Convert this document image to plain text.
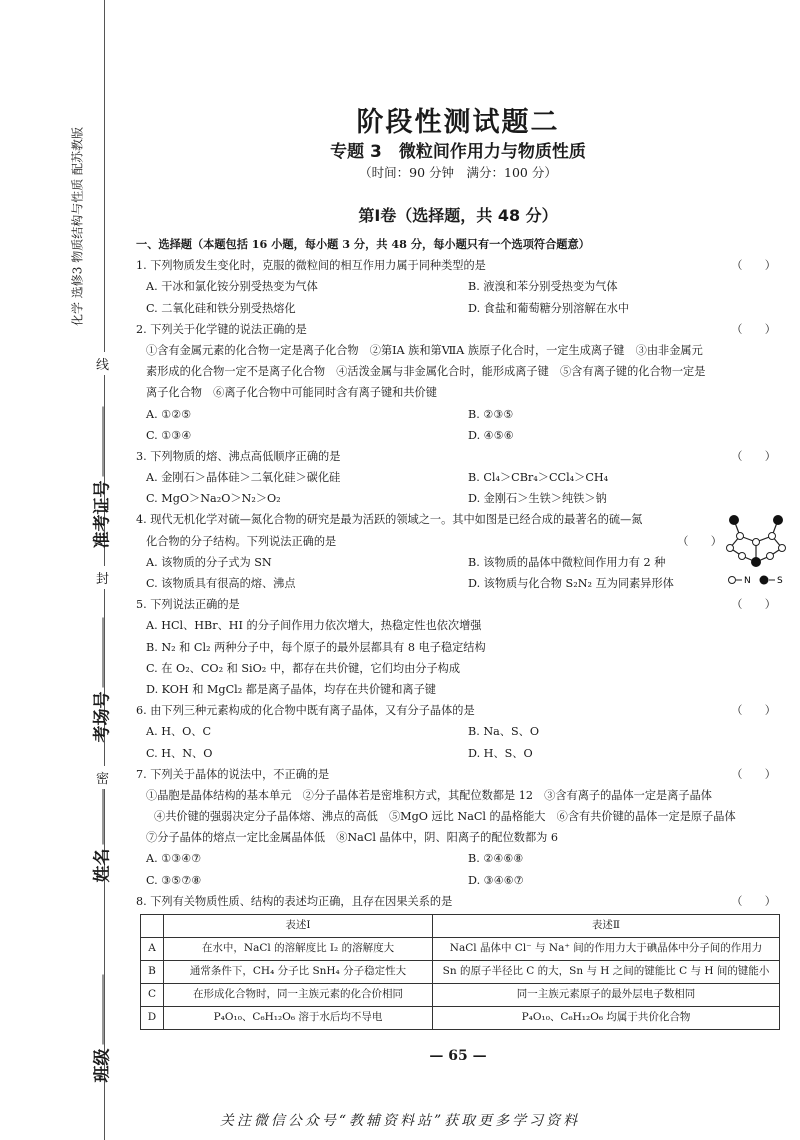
化学 选修3 物质结构与性质 配苏教版
准考证号
考场号
姓名
班级
线
封
密
阶段性测试题二
专题 3　微粒间作用力与物质性质
（时间：90 分钟　满分：100 分）
第Ⅰ卷（选择题，共 48 分）
一、选择题（本题包括 16 小题，每小题 3 分，共 48 分，每小题只有一个选项符合题意）
1. 下列物质发生变化时，克服的微粒间的相互作用力属于同种类型的是	（　　）
A. 干冰和氯化铵分别受热变为气体	B. 液溴和苯分别受热变为气体
C. 二氧化硅和铁分别受热熔化	D. 食盐和葡萄糖分别溶解在水中
2. 下列关于化学键的说法正确的是	（　　）
①含有金属元素的化合物一定是离子化合物　②第ⅠA 族和第ⅦA 族原子化合时，一定生成离子键　③由非金属元
素形成的化合物一定不是离子化合物　④活泼金属与非金属化合时，能形成离子键　⑤含有离子键的化合物一定是
离子化合物　⑥离子化合物中可能同时含有离子键和共价键
A. ①②⑤	B. ②③⑤
C. ①③④	D. ④⑤⑥
3. 下列物质的熔、沸点高低顺序正确的是	（　　）
A. 金刚石＞晶体硅＞二氧化硅＞碳化硅	B. Cl₄＞CBr₄＞CCl₄＞CH₄
C. MgO＞Na₂O＞N₂＞O₂	D. 金刚石＞生铁＞纯铁＞钠
4. 现代无机化学对硫—氮化合物的研究是最为活跃的领域之一。其中如图是已经合成的最著名的硫—氮
化合物的分子结构。下列说法正确的是	（　　）
A. 该物质的分子式为 SN	B. 该物质的晶体中微粒间作用力有 2 种
C. 该物质具有很高的熔、沸点	D. 该物质与化合物 S₂N₂ 互为同素异形体
5. 下列说法正确的是	（　　）
A. HCl、HBr、HI 的分子间作用力依次增大，热稳定性也依次增强
B. N₂ 和 Cl₂ 两种分子中，每个原子的最外层都具有 8 电子稳定结构
C. 在 O₂、CO₂ 和 SiO₂ 中，都存在共价键，它们均由分子构成
D. KOH 和 MgCl₂ 都是离子晶体，均存在共价键和离子键
6. 由下列三种元素构成的化合物中既有离子晶体，又有分子晶体的是	（　　）
A. H、O、C	B. Na、S、O
C. H、N、O	D. H、S、O
7. 下列关于晶体的说法中，不正确的是	（　　）
①晶胞是晶体结构的基本单元　②分子晶体若是密堆积方式，其配位数都是 12　③含有离子的晶体一定是离子晶体
④共价键的强弱决定分子晶体熔、沸点的高低　⑤MgO 远比 NaCl 的晶格能大　⑥含有共价键的晶体一定是原子晶体
⑦分子晶体的熔点一定比金属晶体低　⑧NaCl 晶体中，阴、阳离子的配位数都为 6
A. ①③④⑦	B. ②④⑥⑧
C. ③⑤⑦⑧	D. ③④⑥⑦
8. 下列有关物质性质、结构的表述均正确，且存在因果关系的是	（　　）
	表述Ⅰ	表述Ⅱ
A	在水中，NaCl 的溶解度比 I₂ 的溶解度大	NaCl 晶体中 Cl⁻ 与 Na⁺ 间的作用力大于碘晶体中分子间的作用力
B	通常条件下，CH₄ 分子比 SnH₄ 分子稳定性大	Sn 的原子半径比 C 的大，Sn 与 H 之间的键能比 C 与 H 间的键能小
C	在形成化合物时，同一主族元素的化合价相同	同一主族元素原子的最外层电子数相同
D	P₄O₁₀、C₆H₁₂O₆ 溶于水后均不导电	P₄O₁₀、C₆H₁₂O₆ 均属于共价化合物
— 65 —
N	S
关注微信公众号“教辅资料站”获取更多学习资料
